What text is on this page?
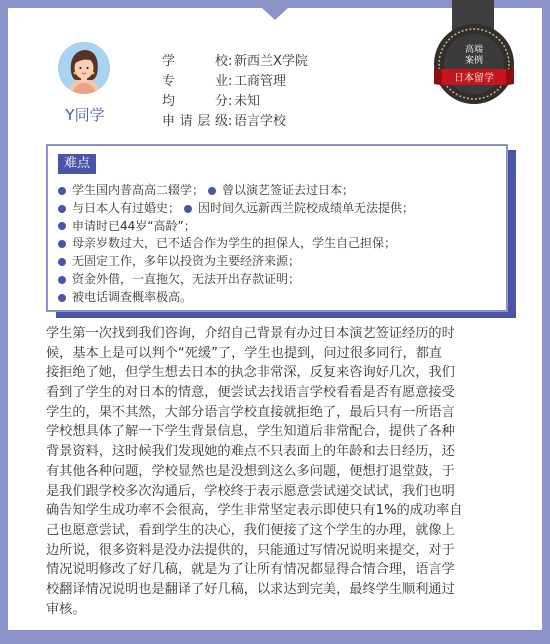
Y同学
学	校 : 新西兰X学院
专	业 : 工商管理
均	分 : 未知
申 请 层 级 : 语言学校
高端
案例
日本留学
难点
学生国内普高高二辍学； 曾以演艺签证去过日本；
与日本人有过婚史； 因时间久远新西兰院校成绩单无法提供；
申请时已44岁“高龄”；
母亲岁数过大，已不适合作为学生的担保人，学生自己担保；
无固定工作，多年以投资为主要经济来源；
资金外借，一直拖欠，无法开出存款证明；
被电话调查概率极高。
学生第一次找到我们咨询，介绍自己背景有办过日本演艺签证经历的时
候，基本上是可以判个“死缓”了，学生也提到，问过很多同行，都直
接拒绝了她，但学生想去日本的执念非常深，反复来咨询好几次，我们
看到了学生的对日本的情意，便尝试去找语言学校看看是否有愿意接受
学生的，果不其然，大部分语言学校直接就拒绝了，最后只有一所语言
学校想具体了解一下学生背景信息，学生知道后非常配合，提供了各种
背景资料，这时候我们发现她的难点不只表面上的年龄和去日经历，还
有其他各种问题，学校显然也是没想到这么多问题，便想打退堂鼓，于
是我们跟学校多次沟通后，学校终于表示愿意尝试递交试试，我们也明
确告知学生成功率不会很高，学生非常坚定表示即使只有1%的成功率自
己也愿意尝试，看到学生的决心，我们便接了这个学生的办理，就像上
边所说，很多资料是没办法提供的，只能通过写情况说明来提交，对于
情况说明修改了好几稿，就是为了让所有情况都显得合情合理，语言学
校翻译情况说明也是翻译了好几稿，以求达到完美，最终学生顺利通过
审核。
